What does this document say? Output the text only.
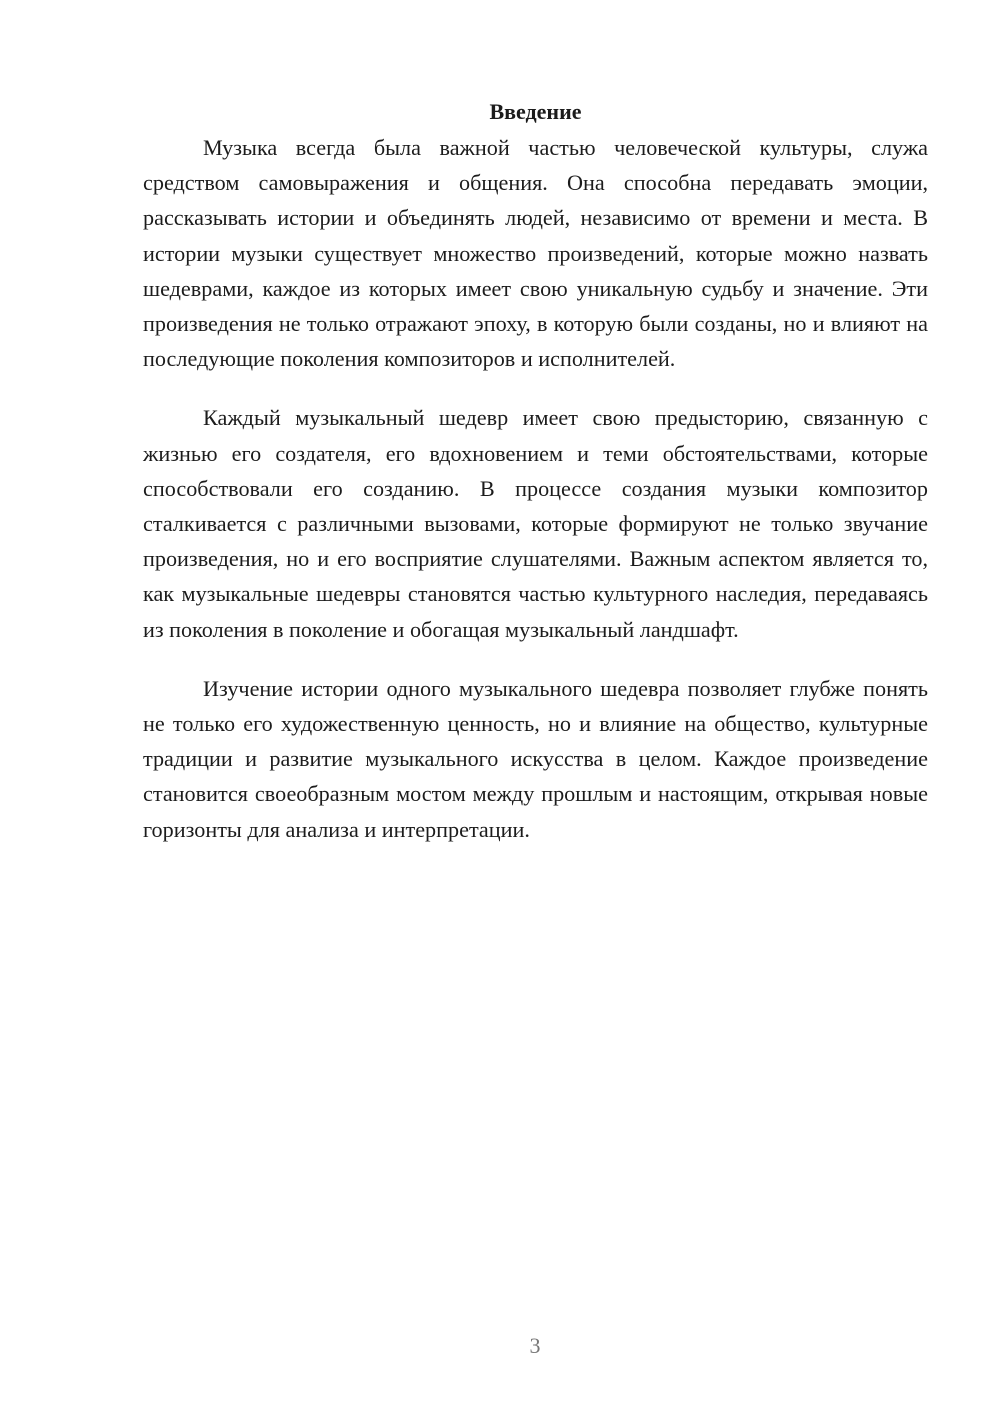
Введение

Музыка всегда была важной частью человеческой культуры, служа средством самовыражения и общения. Она способна передавать эмоции, рассказывать истории и объединять людей, независимо от времени и места. В истории музыки существует множество произведений, которые можно назвать шедеврами, каждое из которых имеет свою уникальную судьбу и значение. Эти произведения не только отражают эпоху, в которую были созданы, но и влияют на последующие поколения композиторов и исполнителей.

Каждый музыкальный шедевр имеет свою предысторию, связанную с жизнью его создателя, его вдохновением и теми обстоятельствами, которые способствовали его созданию. В процессе создания музыки композитор сталкивается с различными вызовами, которые формируют не только звучание произведения, но и его восприятие слушателями. Важным аспектом является то, как музыкальные шедевры становятся частью культурного наследия, передаваясь из поколения в поколение и обогащая музыкальный ландшафт.

Изучение истории одного музыкального шедевра позволяет глубже понять не только его художественную ценность, но и влияние на общество, культурные традиции и развитие музыкального искусства в целом. Каждое произведение становится своеобразным мостом между прошлым и настоящим, открывая новые горизонты для анализа и интерпретации.

3
